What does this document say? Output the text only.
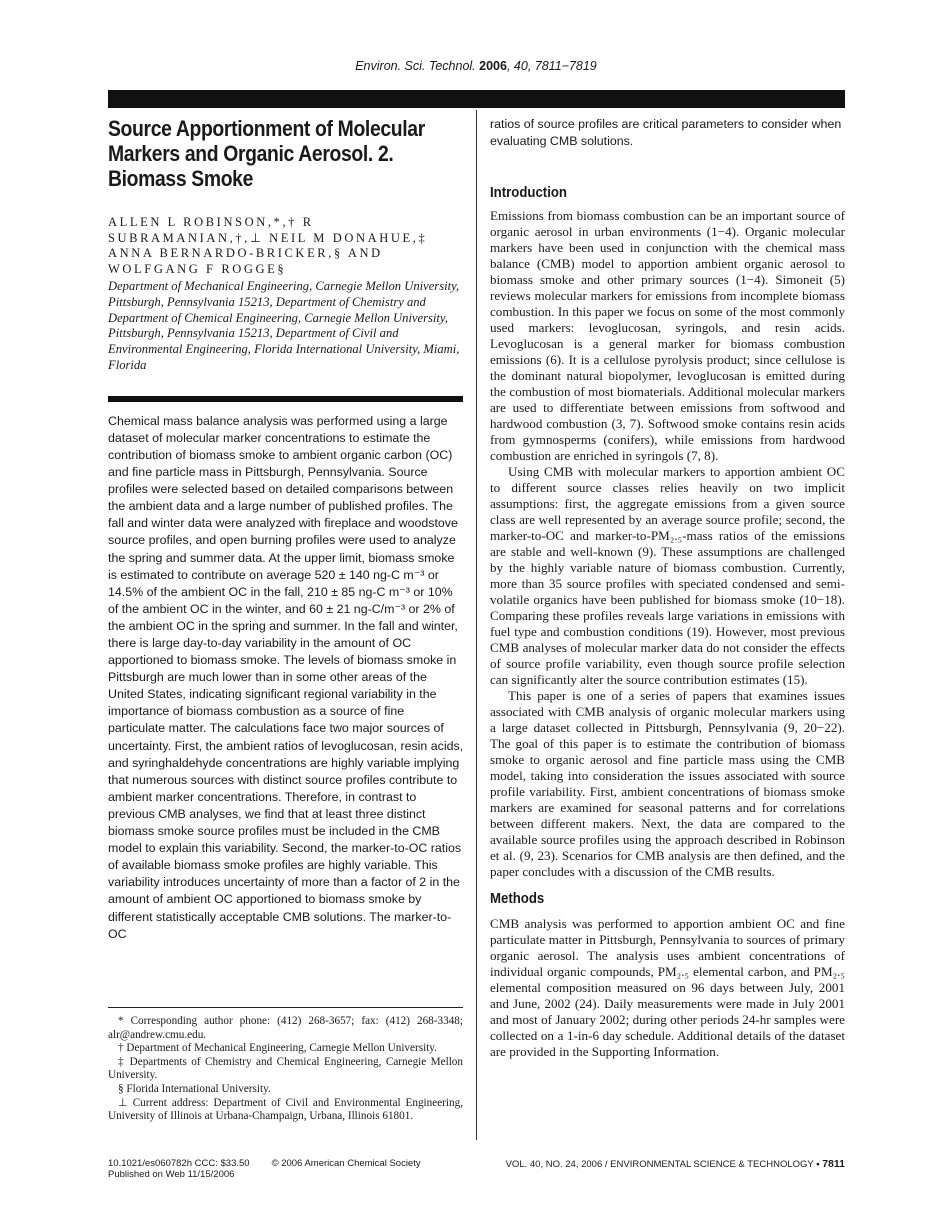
Environ. Sci. Technol. 2006, 40, 7811−7819
Source Apportionment of Molecular Markers and Organic Aerosol. 2. Biomass Smoke
ALLEN L ROBINSON,*,† R SUBRAMANIAN,†,⊥ NEIL M DONAHUE,‡ ANNA BERNARDO-BRICKER,§ AND WOLFGANG F ROGGE§
Department of Mechanical Engineering, Carnegie Mellon University, Pittsburgh, Pennsylvania 15213, Department of Chemistry and Department of Chemical Engineering, Carnegie Mellon University, Pittsburgh, Pennsylvania 15213, Department of Civil and Environmental Engineering, Florida International University, Miami, Florida

Chemical mass balance analysis was performed using a large dataset of molecular marker concentrations to estimate the contribution of biomass smoke to ambient organic carbon (OC) and fine particle mass in Pittsburgh, Pennsylvania. Source profiles were selected based on detailed comparisons between the ambient data and a large number of published profiles. The fall and winter data were analyzed with fireplace and woodstove source profiles, and open burning profiles were used to analyze the spring and summer data. At the upper limit, biomass smoke is estimated to contribute on average 520 ± 140 ng-C m⁻³ or 14.5% of the ambient OC in the fall, 210 ± 85 ng-C m⁻³ or 10% of the ambient OC in the winter, and 60 ± 21 ng-C/m⁻³ or 2% of the ambient OC in the spring and summer. In the fall and winter, there is large day-to-day variability in the amount of OC apportioned to biomass smoke. The levels of biomass smoke in Pittsburgh are much lower than in some other areas of the United States, indicating significant regional variability in the importance of biomass combustion as a source of fine particulate matter. The calculations face two major sources of uncertainty. First, the ambient ratios of levoglucosan, resin acids, and syringhaldehyde concentrations are highly variable implying that numerous sources with distinct source profiles contribute to ambient marker concentrations. Therefore, in contrast to previous CMB analyses, we find that at least three distinct biomass smoke source profiles must be included in the CMB model to explain this variability. Second, the marker-to-OC ratios of available biomass smoke profiles are highly variable. This variability introduces uncertainty of more than a factor of 2 in the amount of ambient OC apportioned to biomass smoke by different statistically acceptable CMB solutions. The marker-to-OC

* Corresponding author phone: (412) 268-3657; fax: (412) 268-3348; alr@andrew.cmu.edu.

† Department of Mechanical Engineering, Carnegie Mellon University.

‡ Departments of Chemistry and Chemical Engineering, Carnegie Mellon University.

§ Florida International University.

⊥ Current address: Department of Civil and Environmental Engineering, University of Illinois at Urbana-Champaign, Urbana, Illinois 61801.

ratios of source profiles are critical parameters to consider when evaluating CMB solutions.

Introduction

Emissions from biomass combustion can be an important source of organic aerosol in urban environments (1−4). Organic molecular markers have been used in conjunction with the chemical mass balance (CMB) model to apportion ambient organic aerosol to biomass smoke and other primary sources (1−4). Simoneit (5) reviews molecular markers for emissions from incomplete biomass combustion. In this paper we focus on some of the most commonly used markers: levoglucosan, syringols, and resin acids. Levoglucosan is a general marker for biomass combustion emissions (6). It is a cellulose pyrolysis product; since cellulose is the dominant natural biopolymer, levoglucosan is emitted during the combustion of most biomaterials. Additional molecular markers are used to differentiate between emissions from softwood and hardwood combustion (3, 7). Softwood smoke contains resin acids from gymnosperms (conifers), while emissions from hardwood combustion are enriched in syringols (7, 8).

Using CMB with molecular markers to apportion ambient OC to different source classes relies heavily on two implicit assumptions: first, the aggregate emissions from a given source class are well represented by an average source profile; second, the marker-to-OC and marker-to-PM₂.₅-mass ratios of the emissions are stable and well-known (9). These assumptions are challenged by the highly variable nature of biomass combustion. Currently, more than 35 source profiles with speciated condensed and semi-volatile organics have been published for biomass smoke (10−18). Comparing these profiles reveals large variations in emissions with fuel type and combustion conditions (19). However, most previous CMB analyses of molecular marker data do not consider the effects of source profile variability, even though source profile selection can significantly alter the source contribution estimates (15).

This paper is one of a series of papers that examines issues associated with CMB analysis of organic molecular markers using a large dataset collected in Pittsburgh, Pennsylvania (9, 20−22). The goal of this paper is to estimate the contribution of biomass smoke to organic aerosol and fine particle mass using the CMB model, taking into consideration the issues associated with source profile variability. First, ambient concentrations of biomass smoke markers are examined for seasonal patterns and for correlations between different makers. Next, the data are compared to the available source profiles using the approach described in Robinson et al. (9, 23). Scenarios for CMB analysis are then defined, and the paper concludes with a discussion of the CMB results.

Methods

CMB analysis was performed to apportion ambient OC and fine particulate matter in Pittsburgh, Pennsylvania to sources of primary organic aerosol. The analysis uses ambient concentrations of individual organic compounds, PM₂.₅ elemental carbon, and PM₂.₅ elemental composition measured on 96 days between July, 2001 and June, 2002 (24). Daily measurements were made in July 2001 and most of January 2002; during other periods 24-hr samples were collected on a 1-in-6 day schedule. Additional details of the dataset are provided in the Supporting Information.

10.1021/es060782h CCC: $33.50 © 2006 American Chemical Society
Published on Web 11/15/2006
VOL. 40, NO. 24, 2006 / ENVIRONMENTAL SCIENCE & TECHNOLOGY ▪ 7811
